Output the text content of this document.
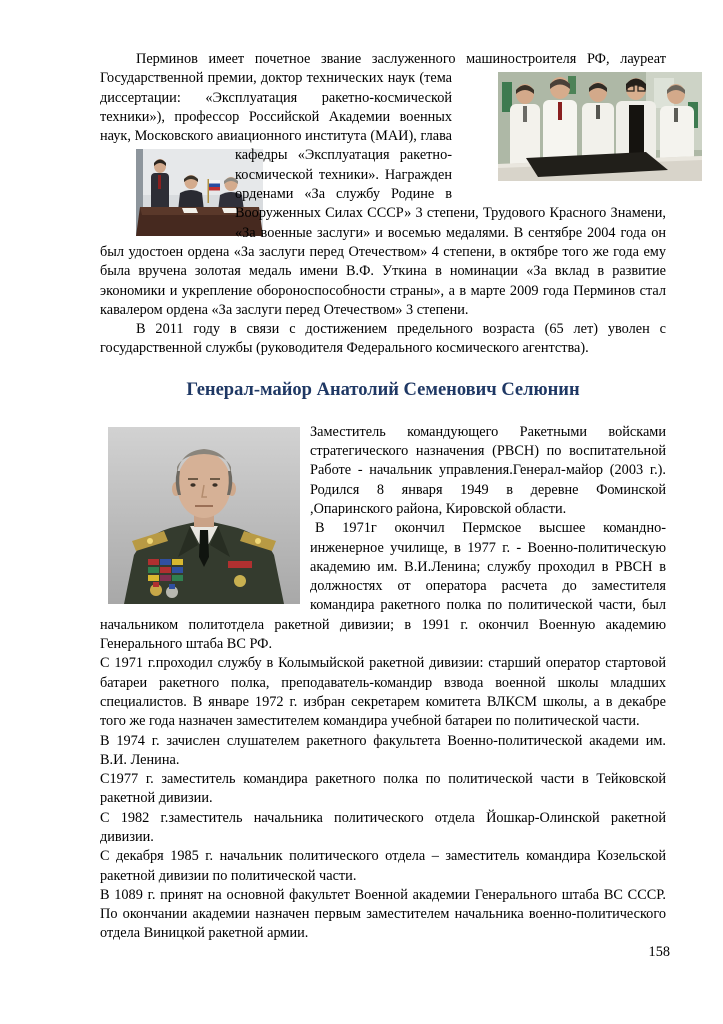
Перминов имеет почетное звание заслуженного машиностроителя РФ,
лауреат Государственной премии, доктор технических наук (тема диссертации: «Эксплуатация ракетно-космической техники»), профессор Российской Академии военных наук, Московского авиационного института (МАИ), глава кафедры «Эксплуатация ракетно-
космической техники». Награжден орденами «За службу Родине в Вооруженных Силах СССР» 3 степени, Трудового Красного Знамени, «За военные заслуги» и восемью медалями. В сентябре 2004 года он был удостоен ордена «За заслуги перед Отечеством» 4 степени, в октябре того же года ему была вручена золотая медаль имени В.Ф. Уткина в номинации «За вклад в развитие экономики и укрепление обороноспособности страны», а в марте 2009 года Перминов стал кавалером ордена «За заслуги перед Отечеством» 3 степени.

В 2011 году в связи с достижением предельного возраста (65 лет) уволен с государственной службы (руководителя Федерального космического агентства).

Генерал-майор Анатолий Семенович Селюнин

Заместитель командующего Ракетными войсками стратегического назначения (РВСН) по воспитательной Работе - начальник управления.Генерал-майор (2003 г.). Родился 8 января 1949 в деревне Фоминской ,Опаринского района, Кировской области.

В 1971г окончил Пермское высшее командно-инженерное училище, в 1977 г. - Военно-политическую академию им. В.И.Ленина; службу проходил в РВСН в должностях от оператора расчета до заместителя командира ракетного полка по политической части, был начальником политотдела ракетной дивизии; в 1991 г. окончил Военную академию Генерального штаба ВС РФ.

С 1971 г.проходил службу в Колымыйской ракетной дивизии: старший оператор стартовой батареи ракетного полка, преподаватель-командир взвода военной школы младших специалистов. В январе 1972 г. избран секретарем комитета ВЛКСМ школы, а в декабре того же года назначен заместителем командира учебной батареи по политической части.

В 1974 г. зачислен слушателем ракетного факультета Военно-политической академи им. В.И. Ленина.

С1977 г. заместитель командира ракетного полка по политической части в Тейковской ракетной дивизии.

С 1982 г.заместитель начальника политического отдела Йошкар-Олинской ракетной дивизии.

С декабря 1985 г. начальник политического отдела – заместитель командира Козельской ракетной дивизии по политической части.

В 1089 г. принят на основной факультет Военной академии Генерального штаба ВС СССР. По окончании академии назначен первым заместителем начальника военно-политического отдела Виницкой ракетной армии.

158
